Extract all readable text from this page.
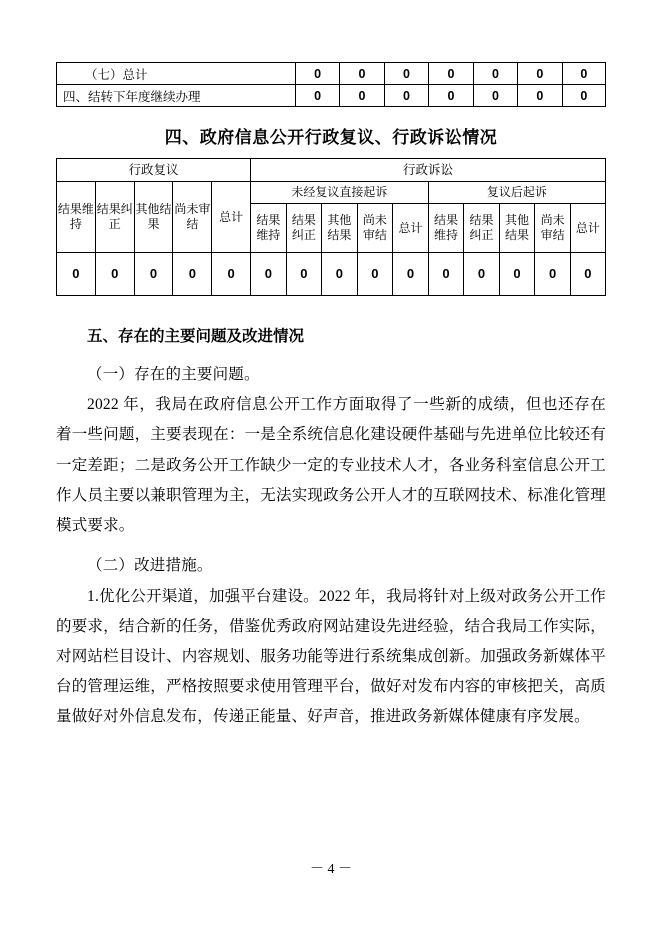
（七）总计	0	0	0	0	0	0	0
四、结转下年度继续办理	0	0	0	0	0	0	0
四、政府信息公开行政复议、行政诉讼情况
行政复议					行政诉讼									

结果维持	结果纠正	其他结果	尚未审结	总计	未经复议直接起诉					复议后起诉				

					结果维持	结果纠正	其他结果	尚未审结	总计	结果维持	结果纠正	其他结果	尚未审结	总计

0	0	0	0	0	0	0	0	0	0	0	0	0	0	0
五、存在的主要问题及改进情况

（一）存在的主要问题。

2022 年，我局在政府信息公开工作方面取得了一些新的成绩，但也还存在着一些问题，主要表现在：一是全系统信息化建设硬件基础与先进单位比较还有一定差距；二是政务公开工作缺少一定的专业技术人才，各业务科室信息公开工作人员主要以兼职管理为主，无法实现政务公开人才的互联网技术、标准化管理模式要求。

（二）改进措施。

1.优化公开渠道，加强平台建设。2022 年，我局将针对上级对政务公开工作的要求，结合新的任务，借鉴优秀政府网站建设先进经验，结合我局工作实际，对网站栏目设计、内容规划、服务功能等进行系统集成创新。加强政务新媒体平台的管理运维，严格按照要求使用管理平台，做好对发布内容的审核把关，高质量做好对外信息发布，传递正能量、好声音，推进政务新媒体健康有序发展。

－ 4 －
